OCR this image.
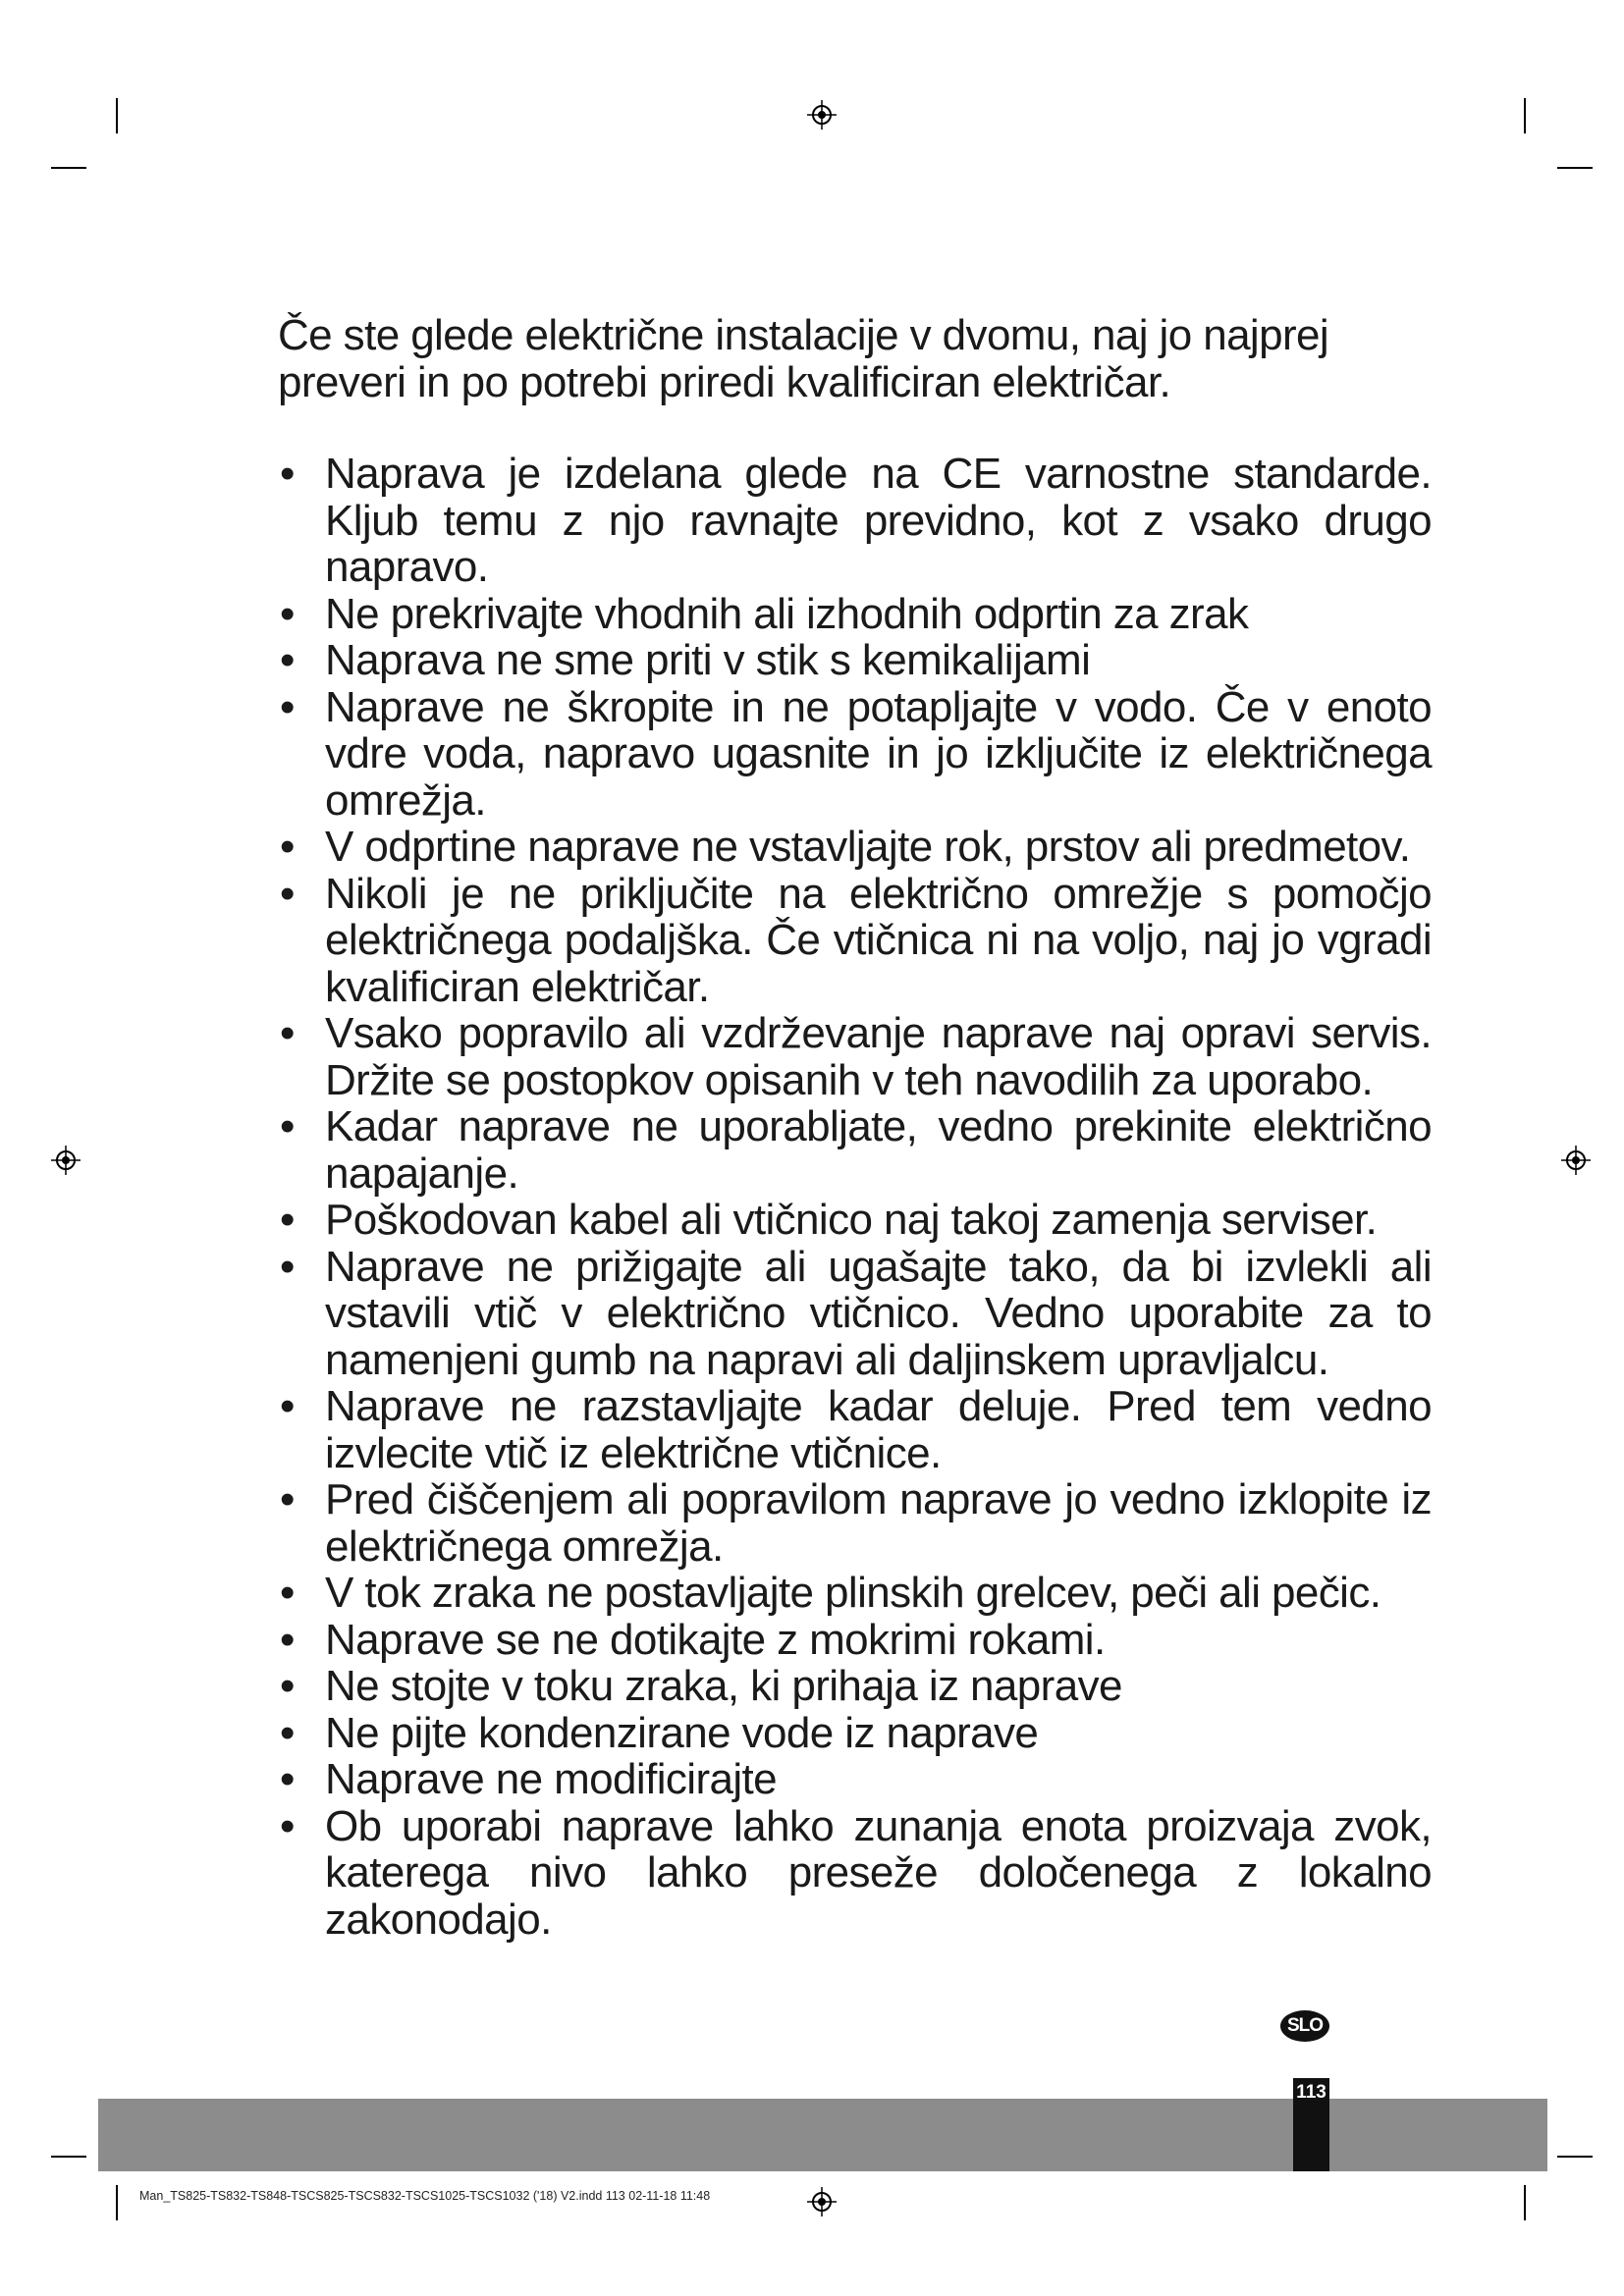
Če ste glede električne instalacije v dvomu, naj jo najprej preveri in po potrebi priredi kvalificiran električar.

• Naprava je izdelana glede na CE varnostne standarde. Kljub temu z njo ravnajte previdno, kot z vsako drugo napravo.
• Ne prekrivajte vhodnih ali izhodnih odprtin za zrak
• Naprava ne sme priti v stik s kemikalijami
• Naprave ne škropite in ne potapljajte v vodo. Če v enoto vdre voda, napravo ugasnite in jo izključite iz električnega omrežja.
• V odprtine naprave ne vstavljajte rok, prstov ali predmetov.
• Nikoli je ne priključite na električno omrežje s pomočjo električnega podaljška. Če vtičnica ni na voljo, naj jo vgradi kvalificiran električar.
• Vsako popravilo ali vzdrževanje naprave naj opravi servis. Držite se postopkov opisanih v teh navodilih za uporabo.
• Kadar naprave ne uporabljate, vedno prekinite električno napajanje.
• Poškodovan kabel ali vtičnico naj takoj zamenja serviser.
• Naprave ne prižigajte ali ugašajte tako, da bi izvlekli ali vstavili vtič v električno vtičnico. Vedno uporabite za to namenjeni gumb na napravi ali daljinskem upravljalcu.
• Naprave ne razstavljajte kadar deluje. Pred tem vedno izvlecite vtič iz električne vtičnice.
• Pred čiščenjem ali popravilom naprave jo vedno izklopite iz električnega omrežja.
• V tok zraka ne postavljajte plinskih grelcev, peči ali pečic.
• Naprave se ne dotikajte z mokrimi rokami.
• Ne stojte v toku zraka, ki prihaja iz naprave
• Ne pijte kondenzirane vode iz naprave
• Naprave ne modificirajte
• Ob uporabi naprave lahko zunanja enota proizvaja zvok, katerega nivo lahko preseže določenega z lokalno zakonodajo.
SLO
113
Man_TS825-TS832-TS848-TSCS825-TSCS832-TSCS1025-TSCS1032 ('18) V2.indd 113 02-11-18 11:48
